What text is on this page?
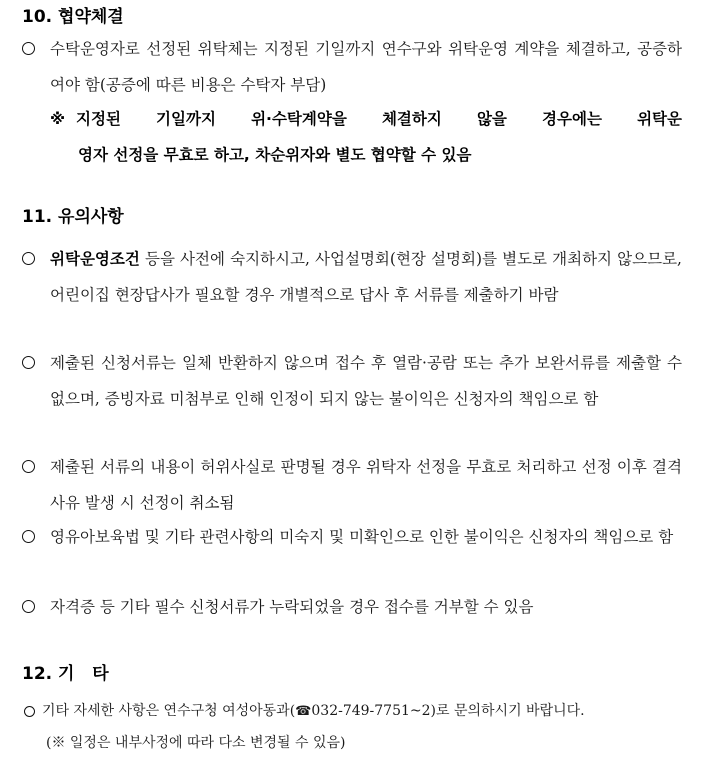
10. 협약체결
수탁운영자로 선정된 위탁체는 지정된 기일까지 연수구와 위탁운영 계약을 체결하고, 공증하여야 함(공증에 따른 비용은 수탁자 부담)
※ 지정된 기일까지 위·수탁계약을 체결하지 않을 경우에는 위탁운
영자 선정을 무효로 하고, 차순위자와 별도 협약할 수 있음
11. 유의사항
위탁운영조건 등을 사전에 숙지하시고, 사업설명회(현장 설명회)를 별도로 개최하지 않으므로, 어린이집 현장답사가 필요할 경우 개별적으로 답사 후 서류를 제출하기 바람
제출된 신청서류는 일체 반환하지 않으며 접수 후 열람·공람 또는 추가 보완서류를 제출할 수 없으며, 증빙자료 미첨부로 인해 인정이 되지 않는 불이익은 신청자의 책임으로 함
제출된 서류의 내용이 허위사실로 판명될 경우 위탁자 선정을 무효로 처리하고 선정 이후 결격사유 발생 시 선정이 취소됨
영유아보육법 및 기타 관련사항의 미숙지 및 미확인으로 인한 불이익은 신청자의 책임으로 함
자격증 등 기타 필수 신청서류가 누락되었을 경우 접수를 거부할 수 있음
12. 기   타
기타 자세한 사항은 연수구청 여성아동과(☎032-749-7751~2)로 문의하시기 바랍니다.
(※ 일정은 내부사정에 따라 다소 변경될 수 있음)
